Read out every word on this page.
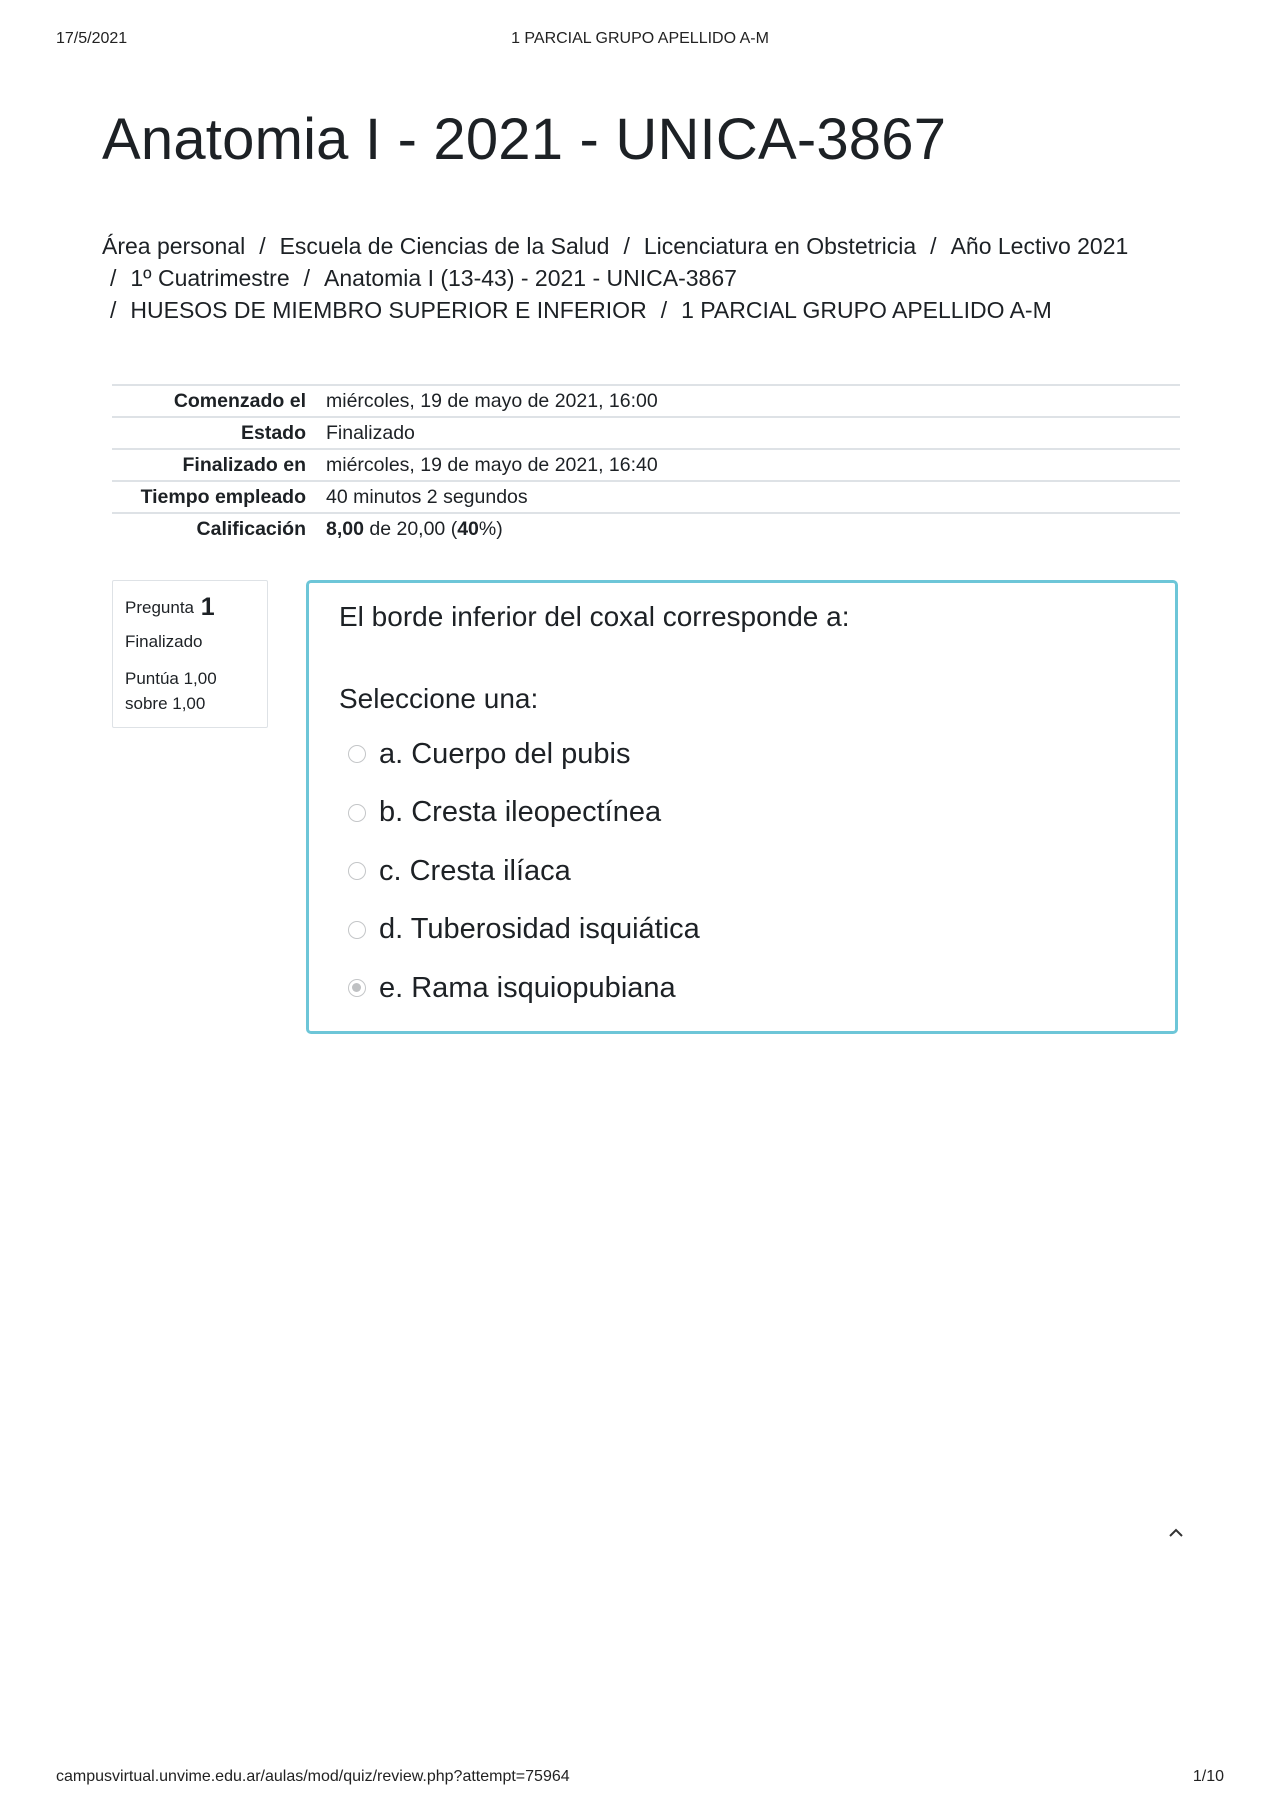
17/5/2021	1 PARCIAL GRUPO APELLIDO A-M
Anatomia I - 2021 - UNICA-3867
Área personal / Escuela de Ciencias de la Salud / Licenciatura en Obstetricia / Año Lectivo 2021
/ 1º Cuatrimestre / Anatomia I (13-43) - 2021 - UNICA-3867
/ HUESOS DE MIEMBRO SUPERIOR E INFERIOR / 1 PARCIAL GRUPO APELLIDO A-M
Comenzado el	miércoles, 19 de mayo de 2021, 16:00
Estado	Finalizado
Finalizado en	miércoles, 19 de mayo de 2021, 16:40
Tiempo empleado	40 minutos 2 segundos
Calificación	8,00 de 20,00 (40%)
Pregunta 1
Finalizado
Puntúa 1,00
sobre 1,00

El borde inferior del coxal corresponde a:

Seleccione una:
a. Cuerpo del pubis
b. Cresta ileopectínea
c. Cresta ilíaca
d. Tuberosidad isquiática
e. Rama isquiopubiana
campusvirtual.unvime.edu.ar/aulas/mod/quiz/review.php?attempt=75964	1/10
